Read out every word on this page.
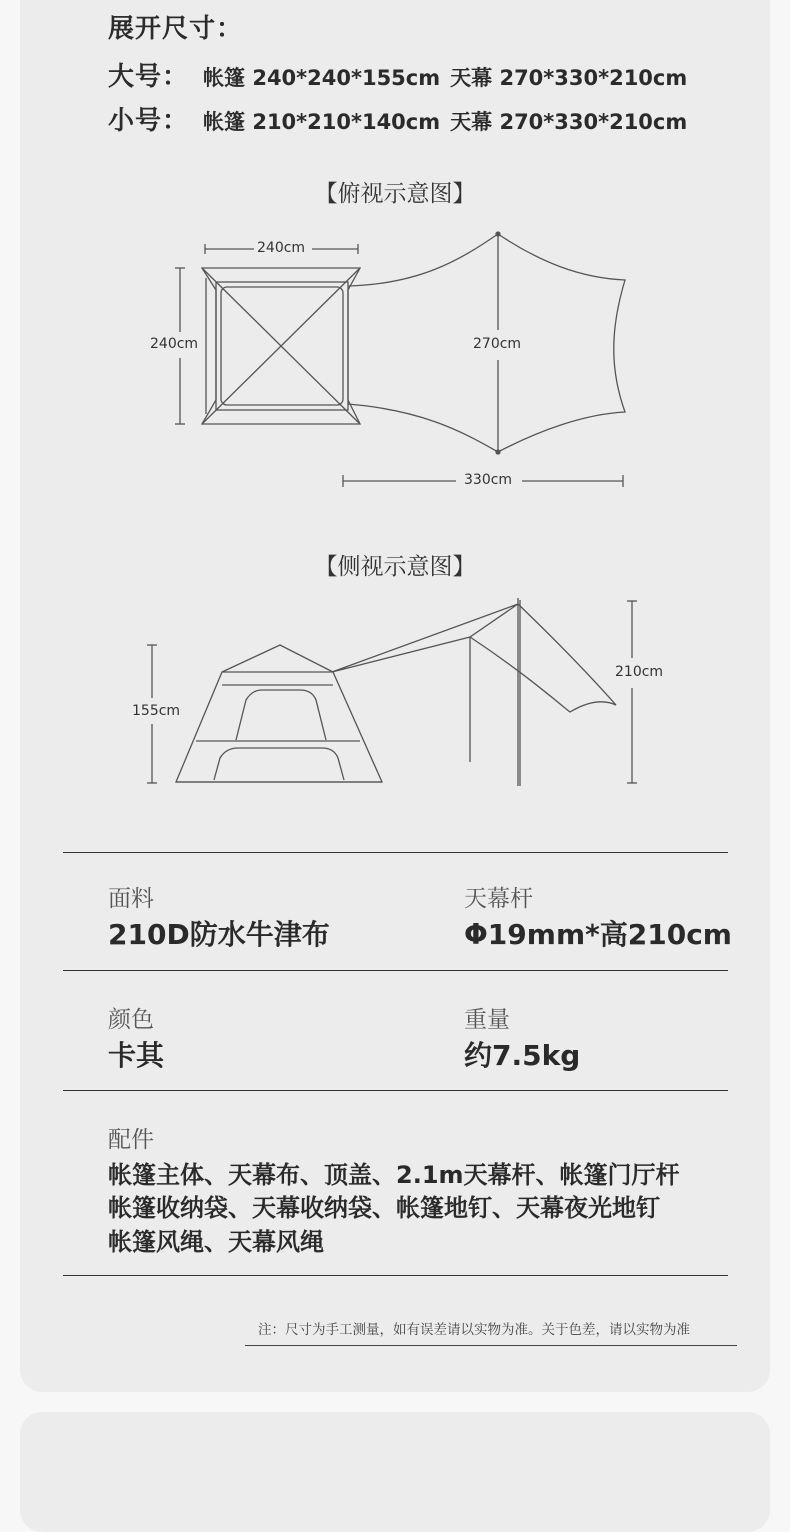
展开尺寸：
大号： 帐篷 240*240*155cm 天幕 270*330*210cm
小号： 帐篷 210*210*140cm 天幕 270*330*210cm
【俯视示意图】
240cm
240cm	270cm
330cm
【侧视示意图】
155cm
210cm
面料
210D防水牛津布
天幕杆
Φ19mm*高210cm
颜色
卡其
重量
约7.5kg
配件
帐篷主体、天幕布、顶盖、2.1m天幕杆、帐篷门厅杆
帐篷收纳袋、天幕收纳袋、帐篷地钉、天幕夜光地钉
帐篷风绳、天幕风绳
注：尺寸为手工测量，如有误差请以实物为准。关于色差，请以实物为准
